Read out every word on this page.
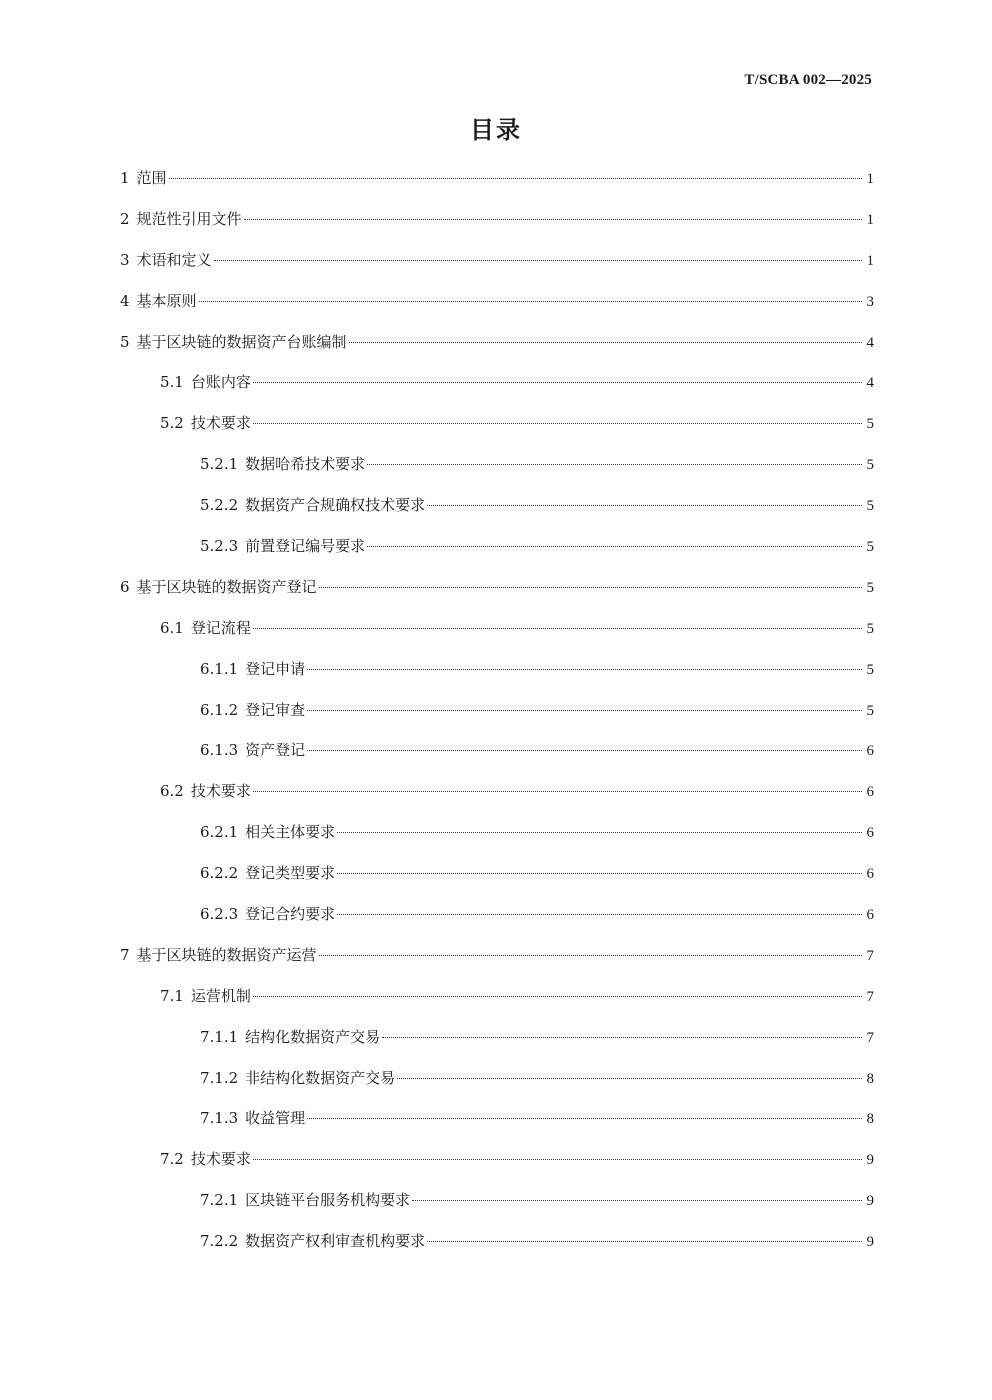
T/SCBA 002—2025
目录
1 范围	1
2 规范性引用文件	1
3 术语和定义	1
4 基本原则	3
5 基于区块链的数据资产台账编制	4
5.1 台账内容	4
5.2 技术要求	5
5.2.1 数据哈希技术要求	5
5.2.2 数据资产合规确权技术要求	5
5.2.3 前置登记编号要求	5
6 基于区块链的数据资产登记	5
6.1 登记流程	5
6.1.1 登记申请	5
6.1.2 登记审查	5
6.1.3 资产登记	6
6.2 技术要求	6
6.2.1 相关主体要求	6
6.2.2 登记类型要求	6
6.2.3 登记合约要求	6
7 基于区块链的数据资产运营	7
7.1 运营机制	7
7.1.1 结构化数据资产交易	7
7.1.2 非结构化数据资产交易	8
7.1.3 收益管理	8
7.2 技术要求	9
7.2.1 区块链平台服务机构要求	9
7.2.2 数据资产权利审查机构要求	9
